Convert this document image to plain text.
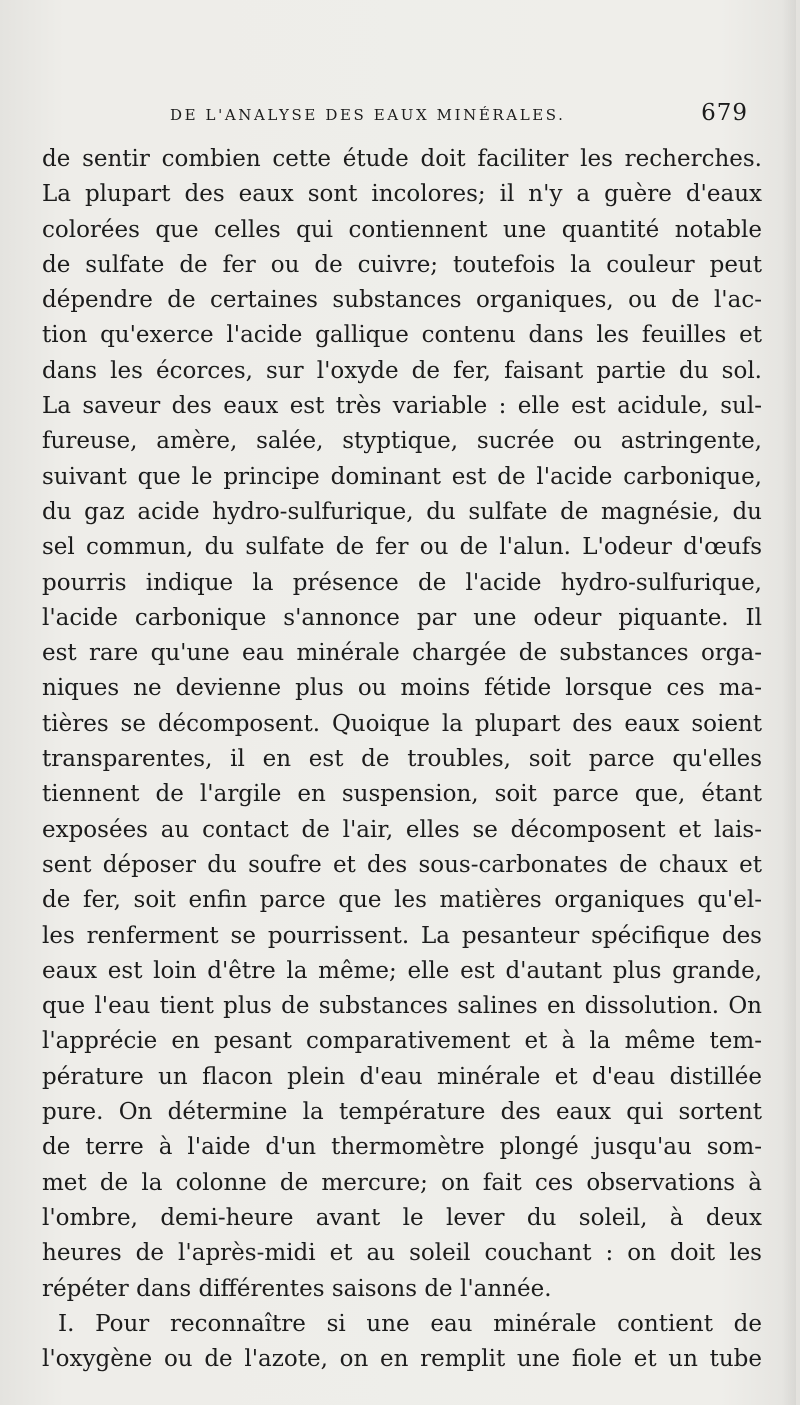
DE L'ANALYSE DES EAUX MINÉRALES.	679
de sentir combien cette étude doit faciliter les recherches.
La plupart des eaux sont incolores; il n'y a guère d'eaux
colorées que celles qui contiennent une quantité notable
de sulfate de fer ou de cuivre; toutefois la couleur peut
dépendre de certaines substances organiques, ou de l'ac-
tion qu'exerce l'acide gallique contenu dans les feuilles et
dans les écorces, sur l'oxyde de fer, faisant partie du sol.
La saveur des eaux est très variable : elle est acidule, sul-
fureuse, amère, salée, styptique, sucrée ou astringente,
suivant que le principe dominant est de l'acide carbonique,
du gaz acide hydro-sulfurique, du sulfate de magnésie, du
sel commun, du sulfate de fer ou de l'alun. L'odeur d'œufs
pourris indique la présence de l'acide hydro-sulfurique,
l'acide carbonique s'annonce par une odeur piquante. Il
est rare qu'une eau minérale chargée de substances orga-
niques ne devienne plus ou moins fétide lorsque ces ma-
tières se décomposent. Quoique la plupart des eaux soient
transparentes, il en est de troubles, soit parce qu'elles
tiennent de l'argile en suspension, soit parce que, étant
exposées au contact de l'air, elles se décomposent et lais-
sent déposer du soufre et des sous-carbonates de chaux et
de fer, soit enfin parce que les matières organiques qu'el-
les renferment se pourrissent. La pesanteur spécifique des
eaux est loin d'être la même; elle est d'autant plus grande,
que l'eau tient plus de substances salines en dissolution. On
l'apprécie en pesant comparativement et à la même tem-
pérature un flacon plein d'eau minérale et d'eau distillée
pure. On détermine la température des eaux qui sortent
de terre à l'aide d'un thermomètre plongé jusqu'au som-
met de la colonne de mercure; on fait ces observations à
l'ombre, demi-heure avant le lever du soleil, à deux
heures de l'après-midi et au soleil couchant : on doit les
répéter dans différentes saisons de l'année.
I. Pour reconnaître si une eau minérale contient de
l'oxygène ou de l'azote, on en remplit une fiole et un tube
